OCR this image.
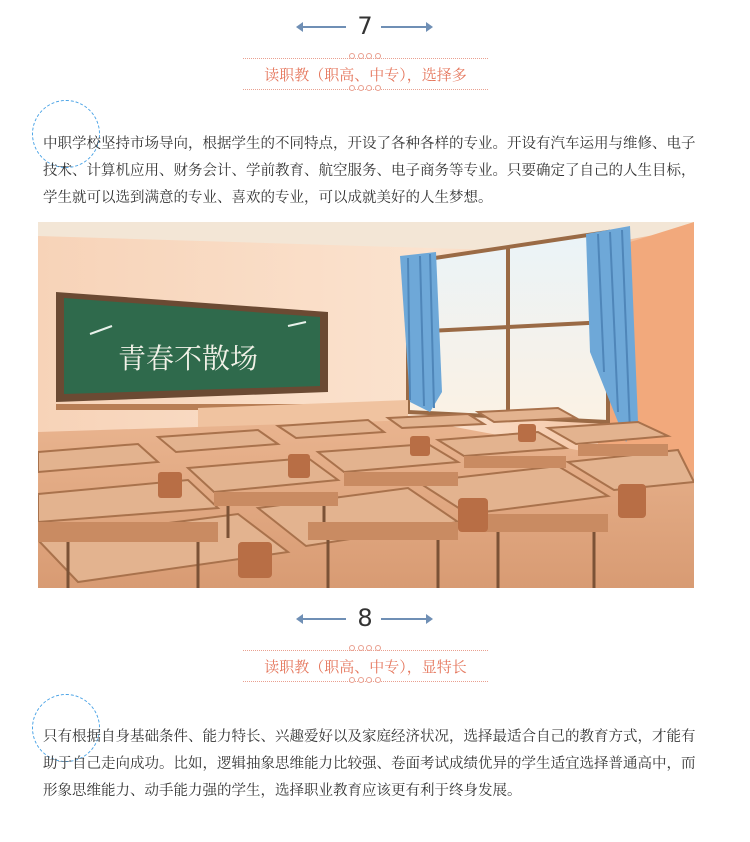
7
读职教（职高、中专），选择多
中职学校坚持市场导向，根据学生的不同特点，开设了各种各样的专业。开设有汽车运用与维修、电子技术、计算机应用、财务会计、学前教育、航空服务、电子商务等专业。只要确定了自己的人生目标，学生就可以选到满意的专业、喜欢的专业，可以成就美好的人生梦想。
青春不散场
8
读职教（职高、中专），显特长
只有根据自身基础条件、能力特长、兴趣爱好以及家庭经济状况，选择最适合自己的教育方式，才能有助于自己走向成功。比如，逻辑抽象思维能力比较强、卷面考试成绩优异的学生适宜选择普通高中，而形象思维能力、动手能力强的学生，选择职业教育应该更有利于终身发展。
